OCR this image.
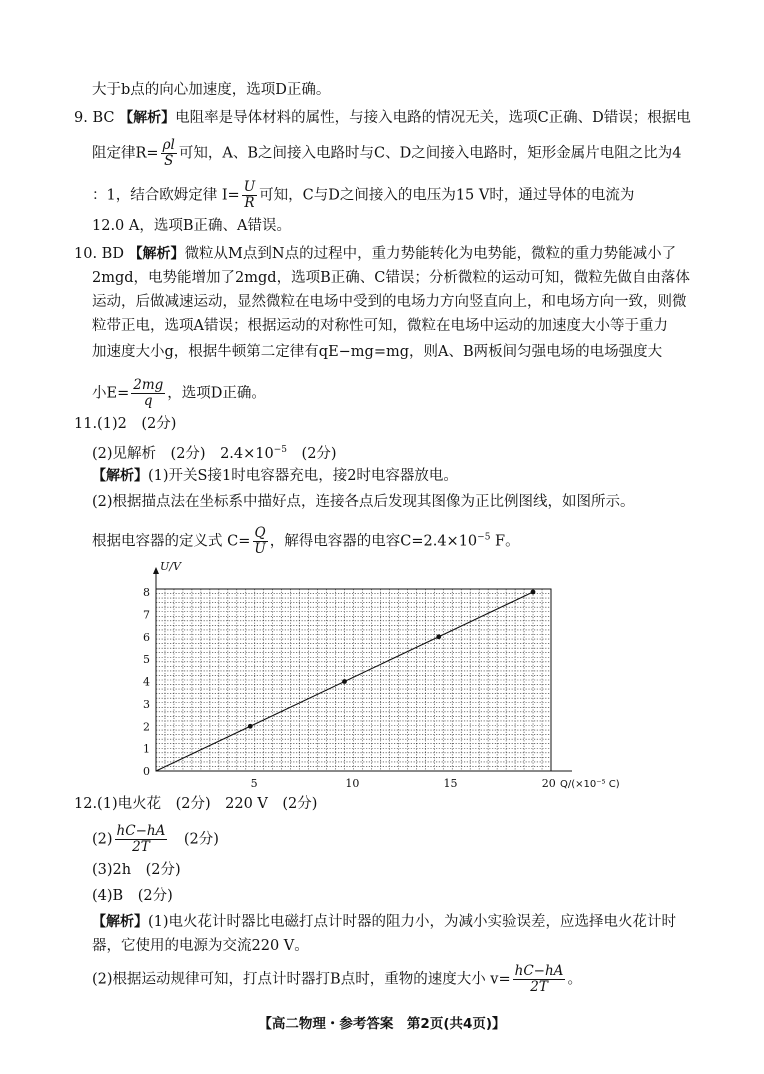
大于b点的向心加速度，选项D正确。
9. BC 【解析】电阻率是导体材料的属性，与接入电路的情况无关，选项C正确、D错误；根据电
阻定律$R= \frac{\rho l}{S}$ 可知，A、B之间接入电路时与C、D之间接入电路时，矩形金属片电阻之比为4
：1，结合欧姆定律 $I= \frac{U}{R}$ 可知，C与D之间接入的电压为15 V时，通过导体的电流为
12.0 A，选项B正确、A错误。
10. BD 【解析】微粒从M点到N点的过程中，重力势能转化为电势能，微粒的重力势能减小了
2mgd，电势能增加了2mgd，选项B正确、C错误；分析微粒的运动可知，微粒先做自由落体
运动，后做减速运动，显然微粒在电场中受到的电场力方向竖直向上，和电场方向一致，则微
粒带正电，选项A错误；根据运动的对称性可知，微粒在电场中运动的加速度大小等于重力
加速度大小g，根据牛顿第二定律有qE−mg=mg，则A、B两板间匀强电场的电场强度大
小$E= \frac{2mg}{q}$ ，选项D正确。
11.(1)2　(2分)
(2)见解析　(2分)　$2.4\times 10^{-5}$　(2分)
【解析】(1)开关S接1时电容器充电，接2时电容器放电。
(2)根据描点法在坐标系中描好点，连接各点后发现其图像为正比例图线，如图所示。
根据电容器的定义式 $C= \frac{Q}{U}$ ，解得电容器的电容$C=2.4\times 10^{-5}$ F。
0
1
2
3
4
5
6
7
8
5	10	15	20
U/V
Q/(×10⁻⁵ C)
12.(1)电火花　(2分)　220 V　(2分)
$(2) \frac{hC-hA}{2T}$ 　(2分)
(3)2h　(2分)
(4)B　(2分)
【解析】(1)电火花计时器比电磁打点计时器的阻力小，为减小实验误差，应选择电火花计时
器，它使用的电源为交流220 V。
(2)根据运动规律可知，打点计时器打B点时，重物的速度大小 $v= \frac{hC-hA}{2T}$ 。
【高二物理・参考答案　第2页(共4页)】
